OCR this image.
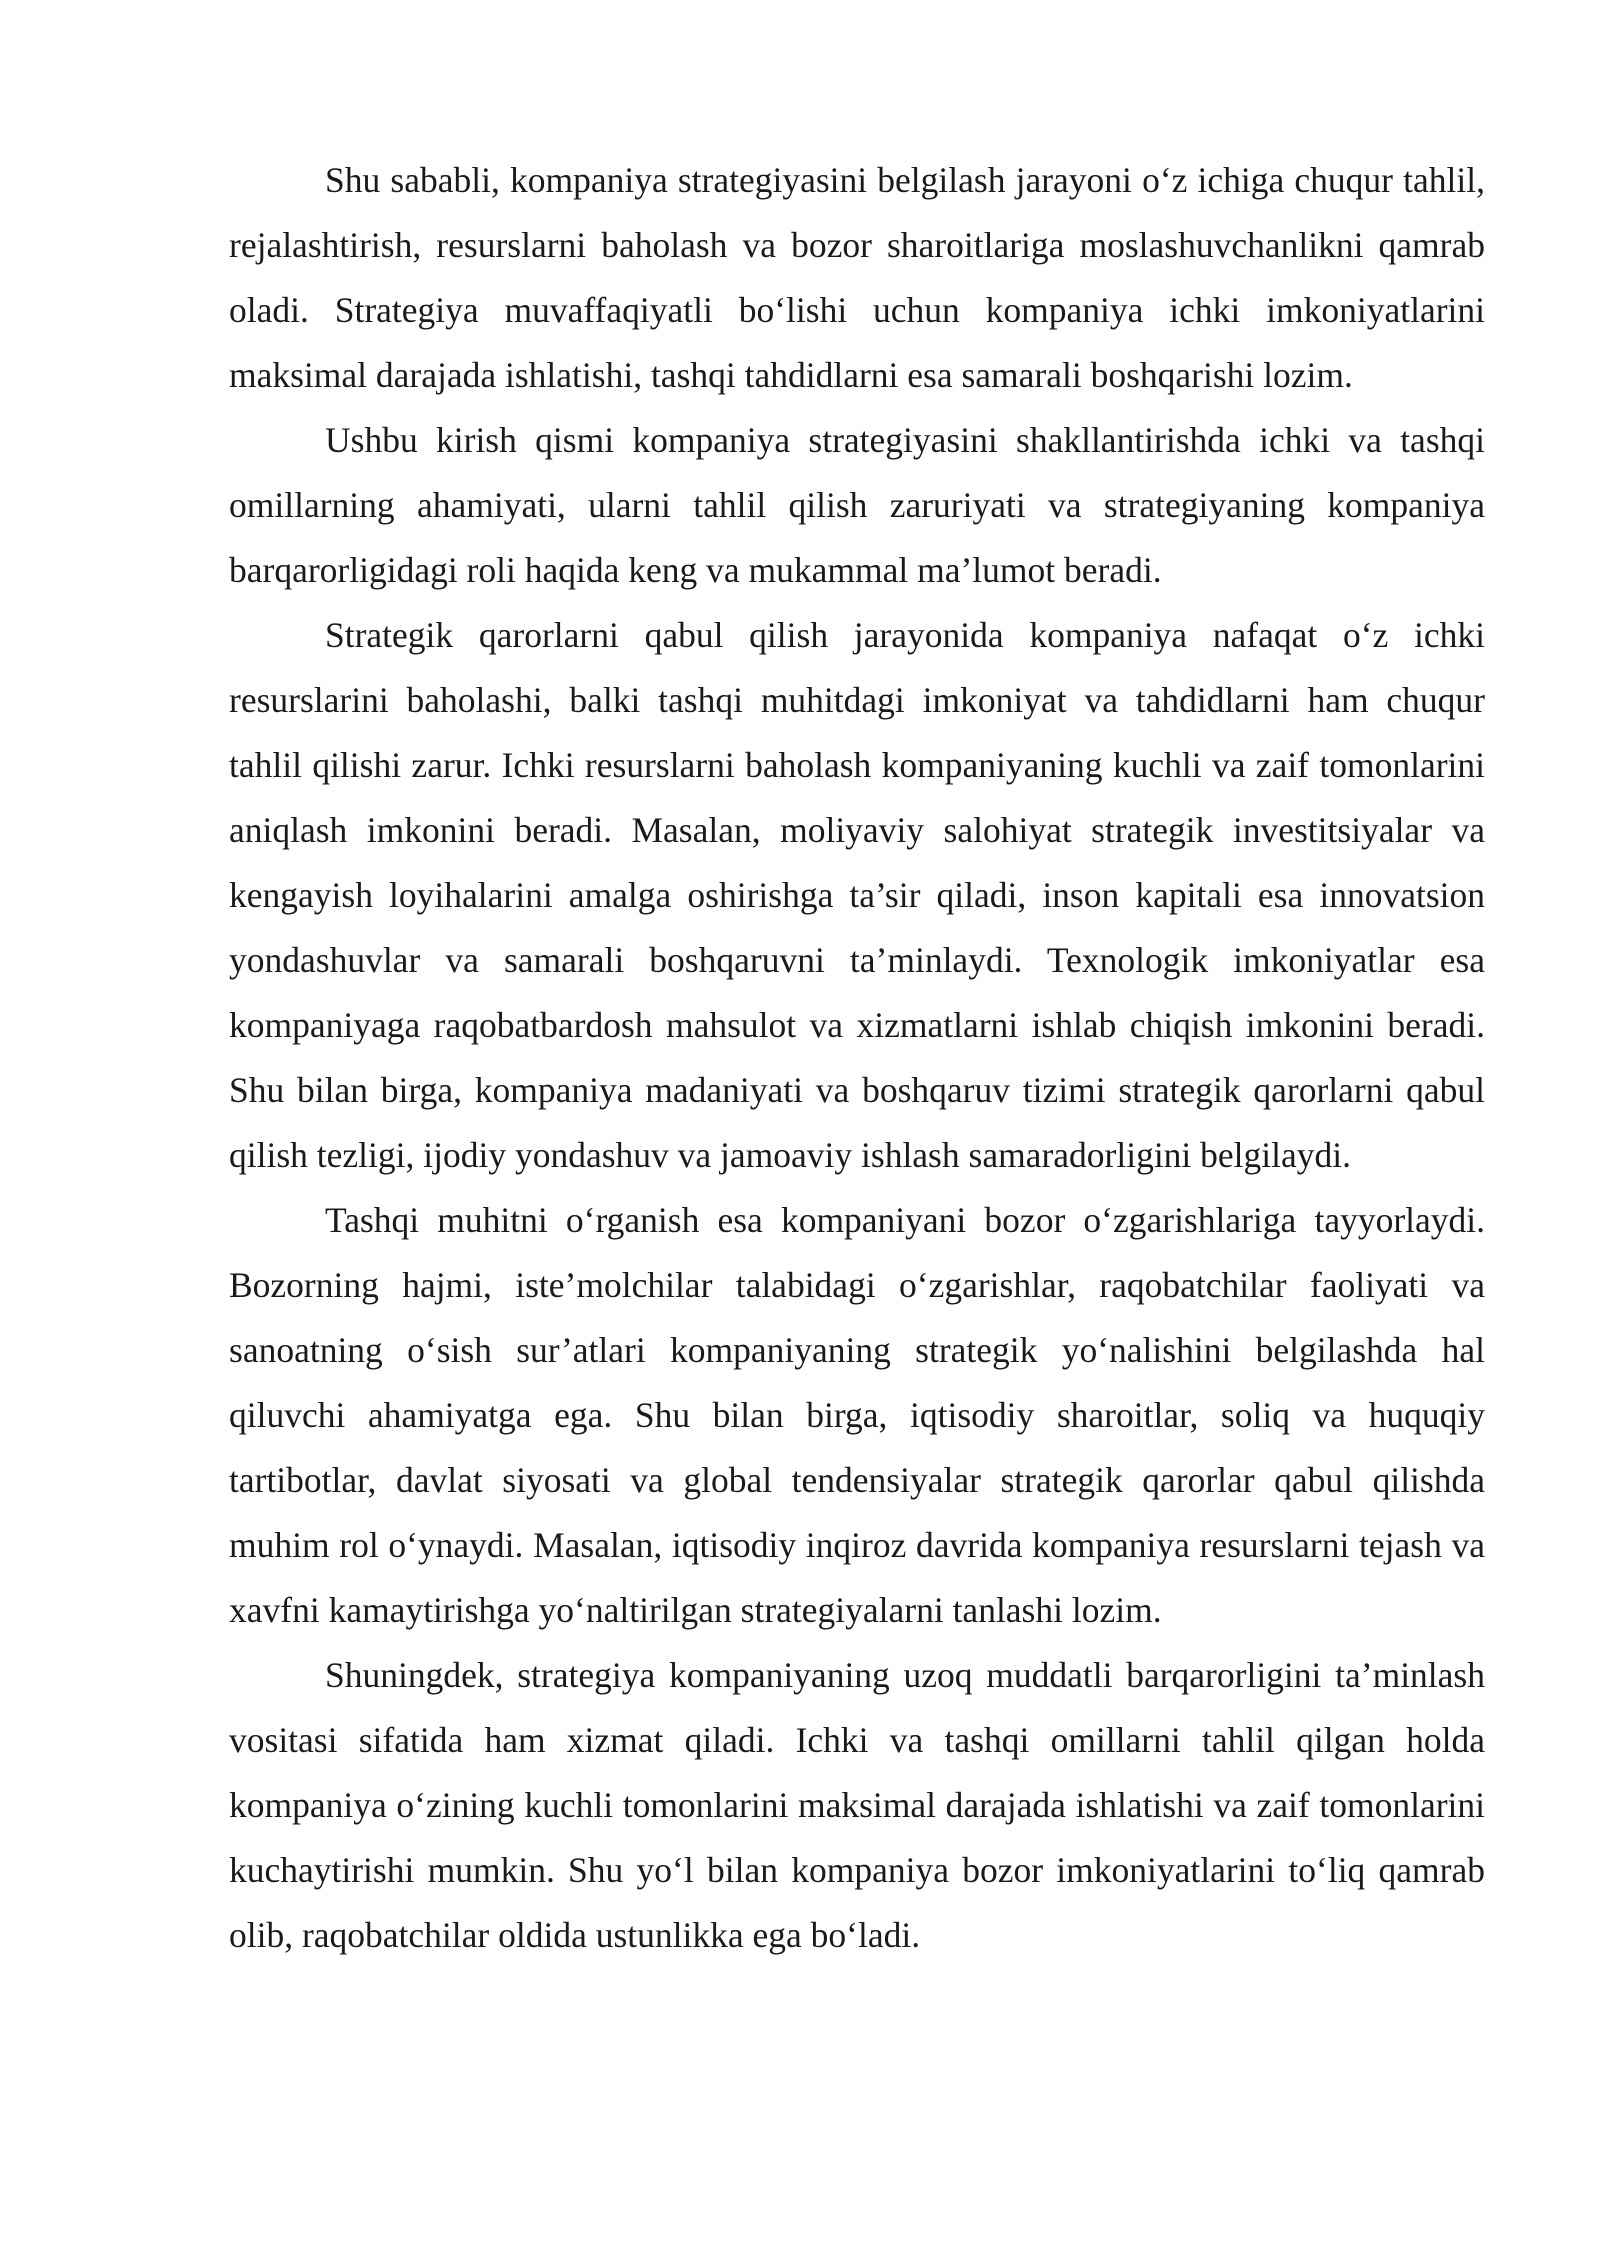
Shu sababli, kompaniya strategiyasini belgilash jarayoni o‘z ichiga chuqur tahlil, rejalashtirish, resurslarni baholash va bozor sharoitlariga moslashuvchanlikni qamrab oladi. Strategiya muvaffaqiyatli bo‘lishi uchun kompaniya ichki imkoniyatlarini maksimal darajada ishlatishi, tashqi tahdidlarni esa samarali boshqarishi lozim.

Ushbu kirish qismi kompaniya strategiyasini shakllantirishda ichki va tashqi omillarning ahamiyati, ularni tahlil qilish zaruriyati va strategiyaning kompaniya barqarorligidagi roli haqida keng va mukammal ma’lumot beradi.

Strategik qarorlarni qabul qilish jarayonida kompaniya nafaqat o‘z ichki resurslarini baholashi, balki tashqi muhitdagi imkoniyat va tahdidlarni ham chuqur tahlil qilishi zarur. Ichki resurslarni baholash kompaniyaning kuchli va zaif tomonlarini aniqlash imkonini beradi. Masalan, moliyaviy salohiyat strategik investitsiyalar va kengayish loyihalarini amalga oshirishga ta’sir qiladi, inson kapitali esa innovatsion yondashuvlar va samarali boshqaruvni ta’minlaydi. Texnologik imkoniyatlar esa kompaniyaga raqobatbardosh mahsulot va xizmatlarni ishlab chiqish imkonini beradi. Shu bilan birga, kompaniya madaniyati va boshqaruv tizimi strategik qarorlarni qabul qilish tezligi, ijodiy yondashuv va jamoaviy ishlash samaradorligini belgilaydi.

Tashqi muhitni o‘rganish esa kompaniyani bozor o‘zgarishlariga tayyorlaydi. Bozorning hajmi, iste’molchilar talabidagi o‘zgarishlar, raqobatchilar faoliyati va sanoatning o‘sish sur’atlari kompaniyaning strategik yo‘nalishini belgilashda hal qiluvchi ahamiyatga ega. Shu bilan birga, iqtisodiy sharoitlar, soliq va huquqiy tartibotlar, davlat siyosati va global tendensiyalar strategik qarorlar qabul qilishda muhim rol o‘ynaydi. Masalan, iqtisodiy inqiroz davrida kompaniya resurslarni tejash va xavfni kamaytirishga yo‘naltirilgan strategiyalarni tanlashi lozim.

Shuningdek, strategiya kompaniyaning uzoq muddatli barqarorligini ta’minlash vositasi sifatida ham xizmat qiladi. Ichki va tashqi omillarni tahlil qilgan holda kompaniya o‘zining kuchli tomonlarini maksimal darajada ishlatishi va zaif tomonlarini kuchaytirishi mumkin. Shu yo‘l bilan kompaniya bozor imkoniyatlarini to‘liq qamrab olib, raqobatchilar oldida ustunlikka ega bo‘ladi.
